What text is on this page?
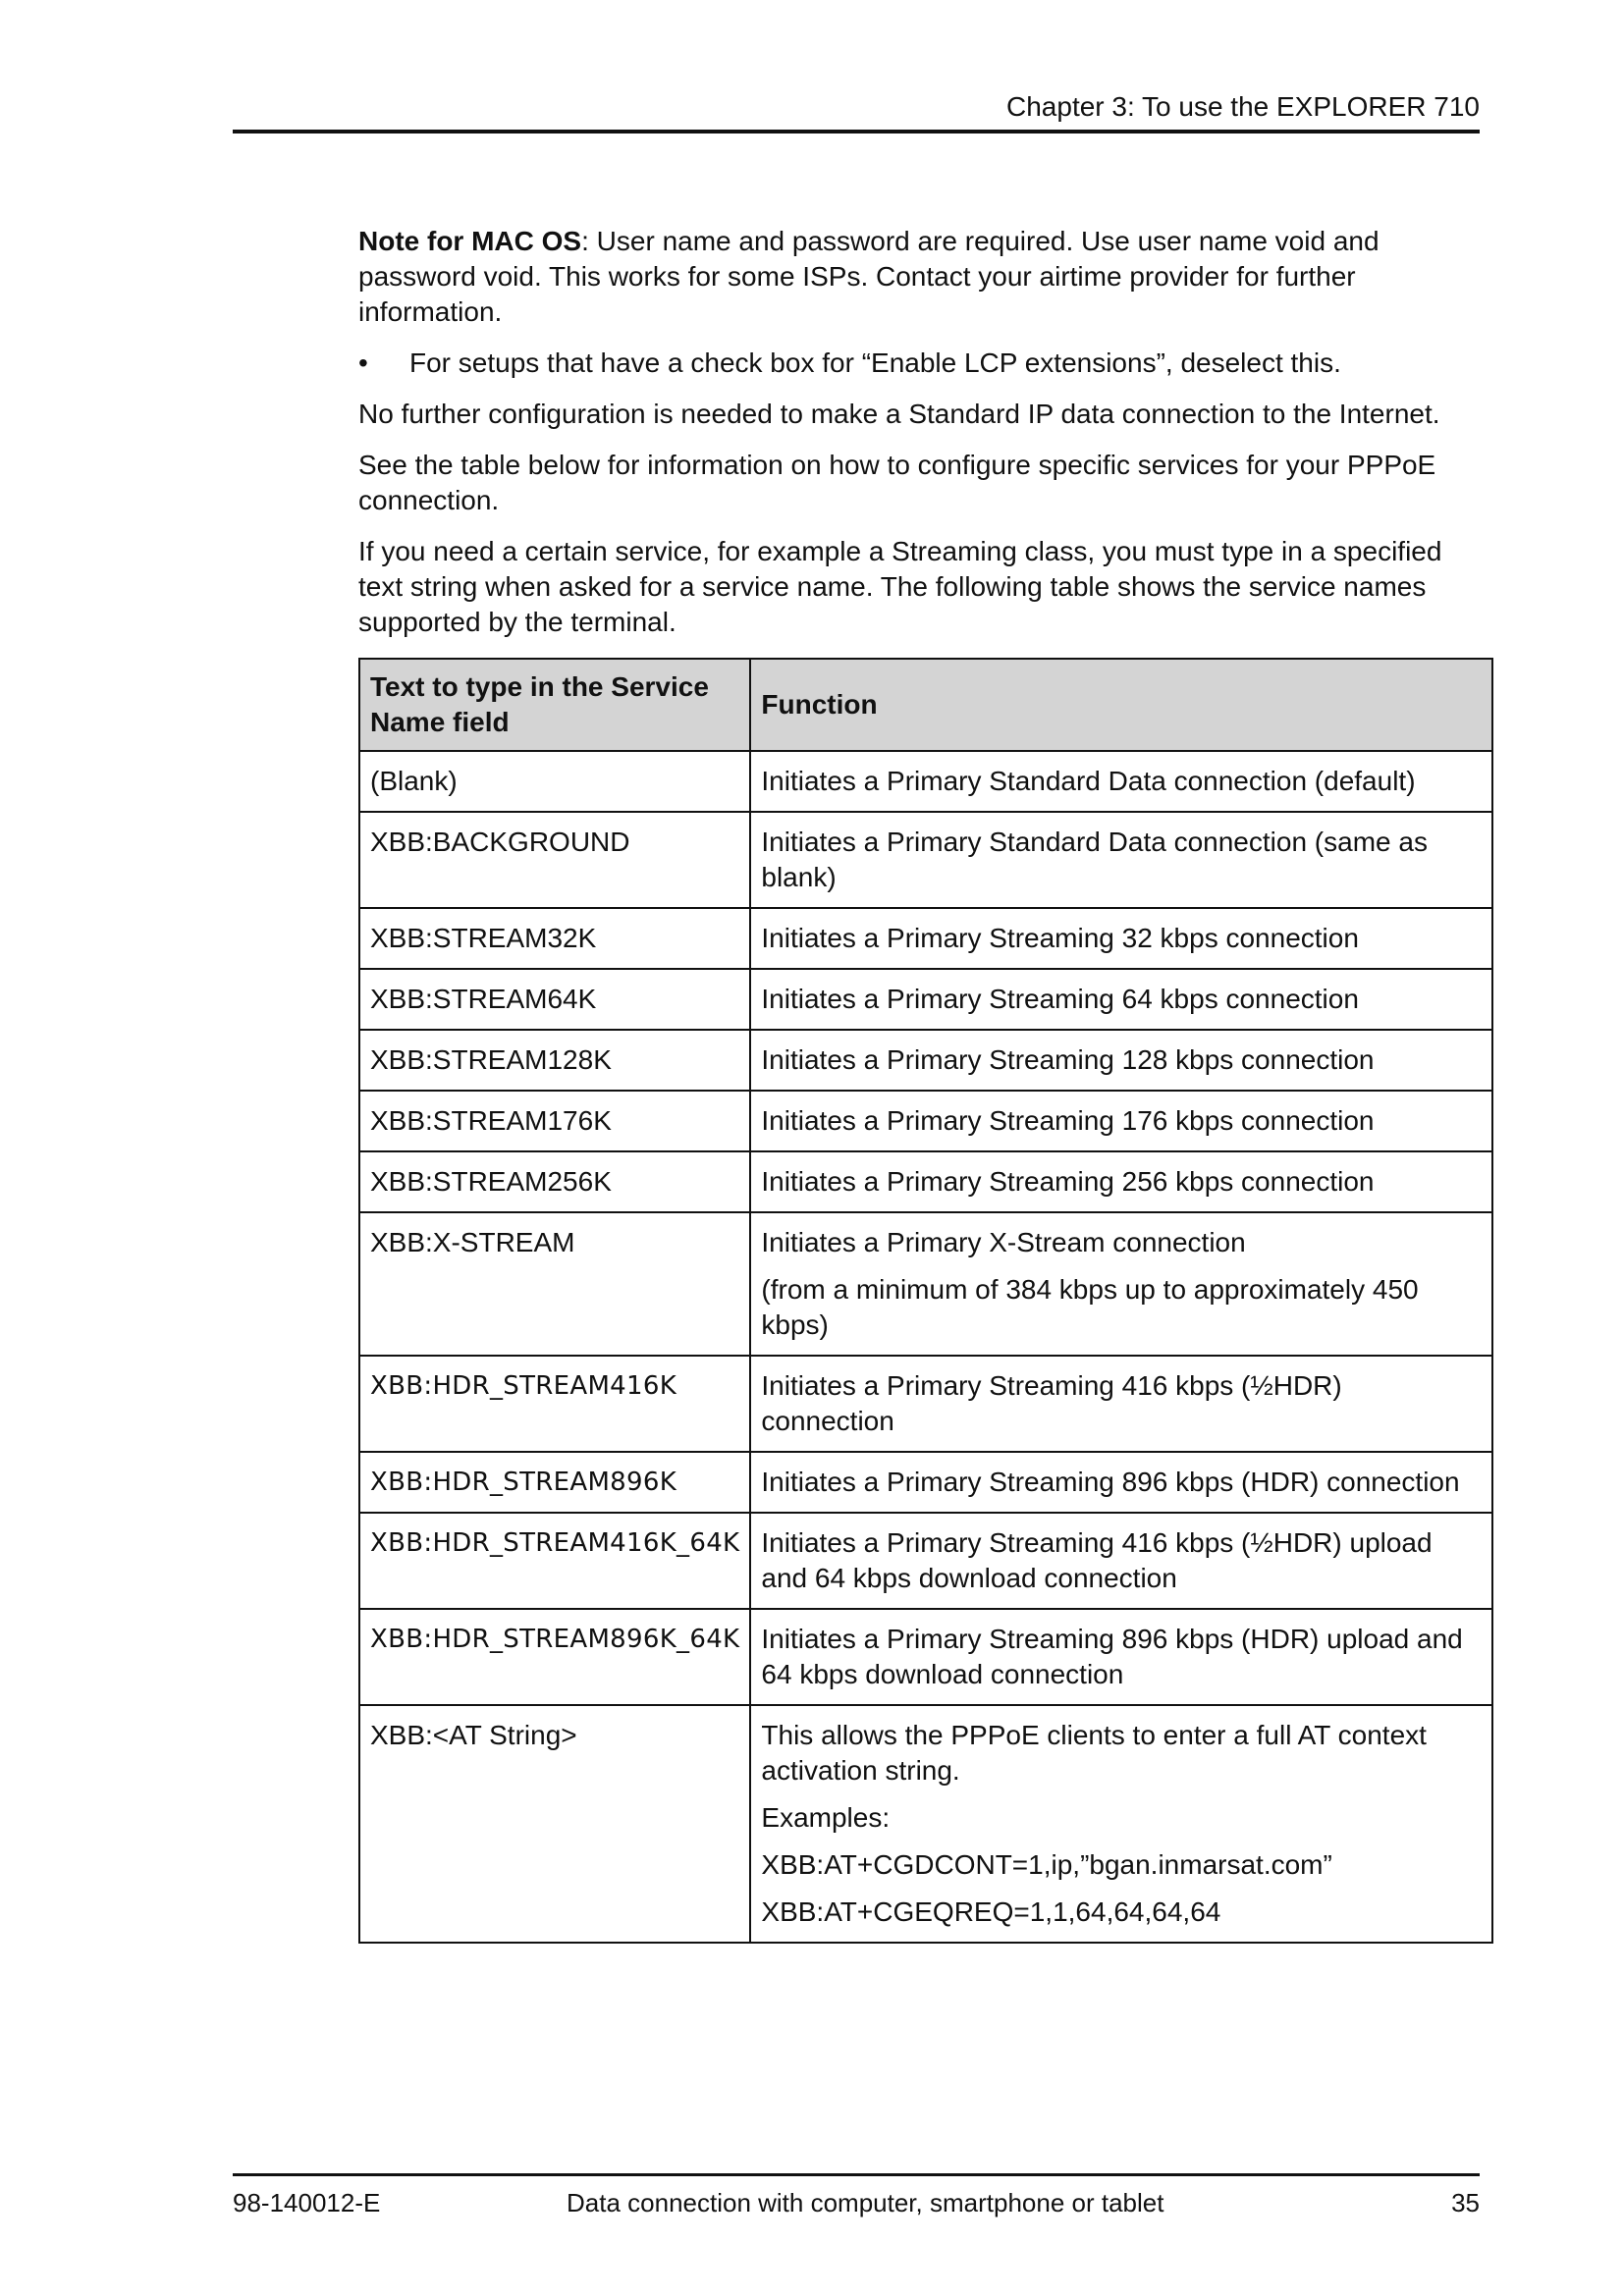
Chapter 3: To use the EXPLORER 710

Note for MAC OS: User name and password are required. Use user name void and password void. This works for some ISPs. Contact your airtime provider for further information.

• For setups that have a check box for “Enable LCP extensions”, deselect this.

No further configuration is needed to make a Standard IP data connection to the Internet.

See the table below for information on how to configure specific services for your PPPoE connection.

If you need a certain service, for example a Streaming class, you must type in a specified text string when asked for a service name. The following table shows the service names supported by the terminal.

Text to type in the Service Name field	Function
(Blank)	Initiates a Primary Standard Data connection (default)
XBB:BACKGROUND	Initiates a Primary Standard Data connection (same as blank)
XBB:STREAM32K	Initiates a Primary Streaming 32 kbps connection
XBB:STREAM64K	Initiates a Primary Streaming 64 kbps connection
XBB:STREAM128K	Initiates a Primary Streaming 128 kbps connection
XBB:STREAM176K	Initiates a Primary Streaming 176 kbps connection
XBB:STREAM256K	Initiates a Primary Streaming 256 kbps connection
XBB:X-STREAM	Initiates a Primary X-Stream connection
(from a minimum of 384 kbps up to approximately 450 kbps)

XBB:HDR_STREAM416K	Initiates a Primary Streaming 416 kbps (½HDR) connection
XBB:HDR_STREAM896K	Initiates a Primary Streaming 896 kbps (HDR) connection
XBB:HDR_STREAM416K_64K	Initiates a Primary Streaming 416 kbps (½HDR) upload and 64 kbps download connection
XBB:HDR_STREAM896K_64K	Initiates a Primary Streaming 896 kbps (HDR) upload and 64 kbps download connection
XBB:<AT String>	This allows the PPPoE clients to enter a full AT context activation string.
Examples:
XBB:AT+CGDCONT=1,ip,”bgan.inmarsat.com”
XBB:AT+CGEQREQ=1,1,64,64,64,64
98-140012-E	Data connection with computer, smartphone or tablet	35
